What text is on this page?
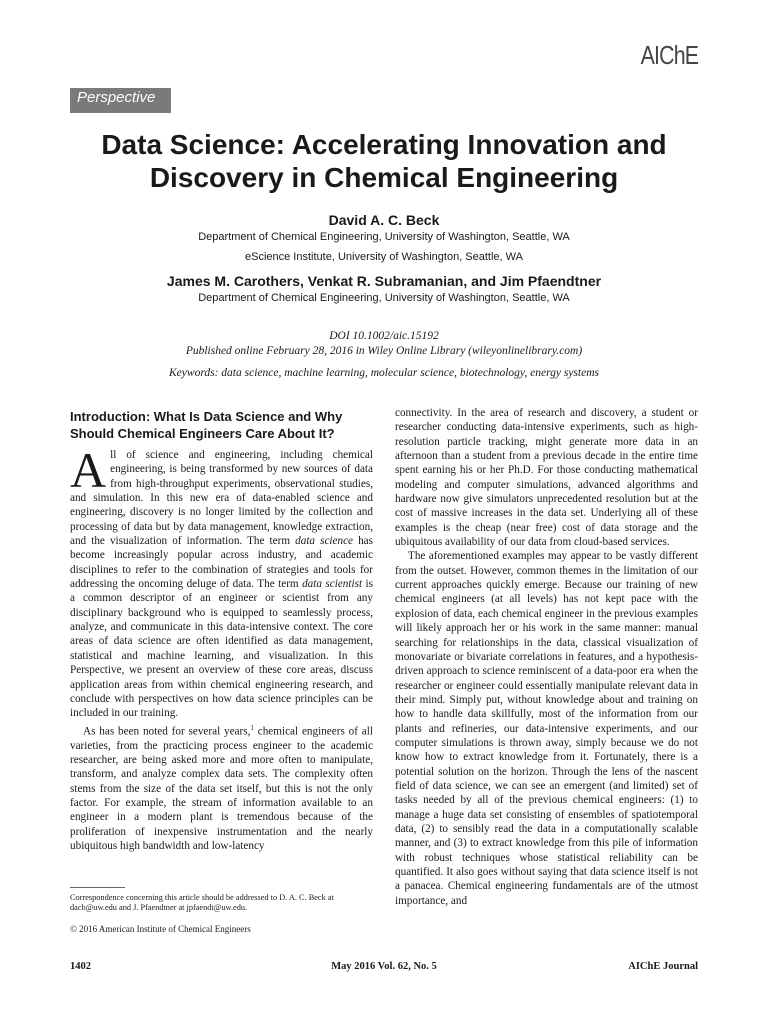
AIChE
Perspective
Data Science: Accelerating Innovation and Discovery in Chemical Engineering
David A. C. Beck
Department of Chemical Engineering, University of Washington, Seattle, WA
eScience Institute, University of Washington, Seattle, WA
James M. Carothers, Venkat R. Subramanian, and Jim Pfaendtner
Department of Chemical Engineering, University of Washington, Seattle, WA
DOI 10.1002/aic.15192
Published online February 28, 2016 in Wiley Online Library (wileyonlinelibrary.com)
Keywords: data science, machine learning, molecular science, biotechnology, energy systems
Introduction: What Is Data Science and Why Should Chemical Engineers Care About It?

All of science and engineering, including chemical engineering, is being transformed by new sources of data from high-throughput experiments, observational studies, and simulation. In this new era of data-enabled science and engineering, discovery is no longer limited by the collection and processing of data but by data management, knowledge extraction, and the visualization of information. The term data science has become increasingly popular across industry, and academic disciplines to refer to the combination of strategies and tools for addressing the oncoming deluge of data. The term data scientist is a common descriptor of an engineer or scientist from any disciplinary background who is equipped to seamlessly process, analyze, and communicate in this data-intensive context. The core areas of data science are often identified as data management, statistical and machine learning, and visualization. In this Perspective, we present an overview of these core areas, discuss application areas from within chemical engineering research, and conclude with perspectives on how data science principles can be included in our training.

As has been noted for several years,$^1$ chemical engineers of all varieties, from the practicing process engineer to the academic researcher, are being asked more and more often to manipulate, transform, and analyze complex data sets. The complexity often stems from the size of the data set itself, but this is not the only factor. For example, the stream of information available to an engineer in a modern plant is tremendous because of the proliferation of inexpensive instrumentation and the nearly ubiquitous high bandwidth and low-latency

connectivity. In the area of research and discovery, a student or researcher conducting data-intensive experiments, such as high-resolution particle tracking, might generate more data in an afternoon than a student from a previous decade in the entire time spent earning his or her Ph.D. For those conducting mathematical modeling and computer simulations, advanced algorithms and hardware now give simulators unprecedented resolution but at the cost of massive increases in the data set. Underlying all of these examples is the cheap (near free) cost of data storage and the ubiquitous availability of our data from cloud-based services.

The aforementioned examples may appear to be vastly different from the outset. However, common themes in the limitation of our current approaches quickly emerge. Because our training of new chemical engineers (at all levels) has not kept pace with the explosion of data, each chemical engineer in the previous examples will likely approach her or his work in the same manner: manual searching for relationships in the data, classical visualization of monovariate or bivariate correlations in features, and a hypothesis-driven approach to science reminiscent of a data-poor era when the researcher or engineer could essentially manipulate relevant data in their mind. Simply put, without knowledge about and training on how to handle data skillfully, most of the information from our plants and refineries, our data-intensive experiments, and our computer simulations is thrown away, simply because we do not know how to extract knowledge from it. Fortunately, there is a potential solution on the horizon. Through the lens of the nascent field of data science, we can see an emergent (and limited) set of tasks needed by all of the previous chemical engineers: (1) to manage a huge data set consisting of ensembles of spatiotemporal data, (2) to sensibly read the data in a computationally scalable manner, and (3) to extract knowledge from this pile of information with robust techniques whose statistical reliability can be quantified. It also goes without saying that data science itself is not a panacea. Chemical engineering fundamentals are of the utmost importance, and

Correspondence concerning this article should be addressed to D. A. C. Beck at dacb@uw.edu and J. Pfaendtner at jpfaendt@uw.edu.
© 2016 American Institute of Chemical Engineers
1402	May 2016 Vol. 62, No. 5	AIChE Journal
